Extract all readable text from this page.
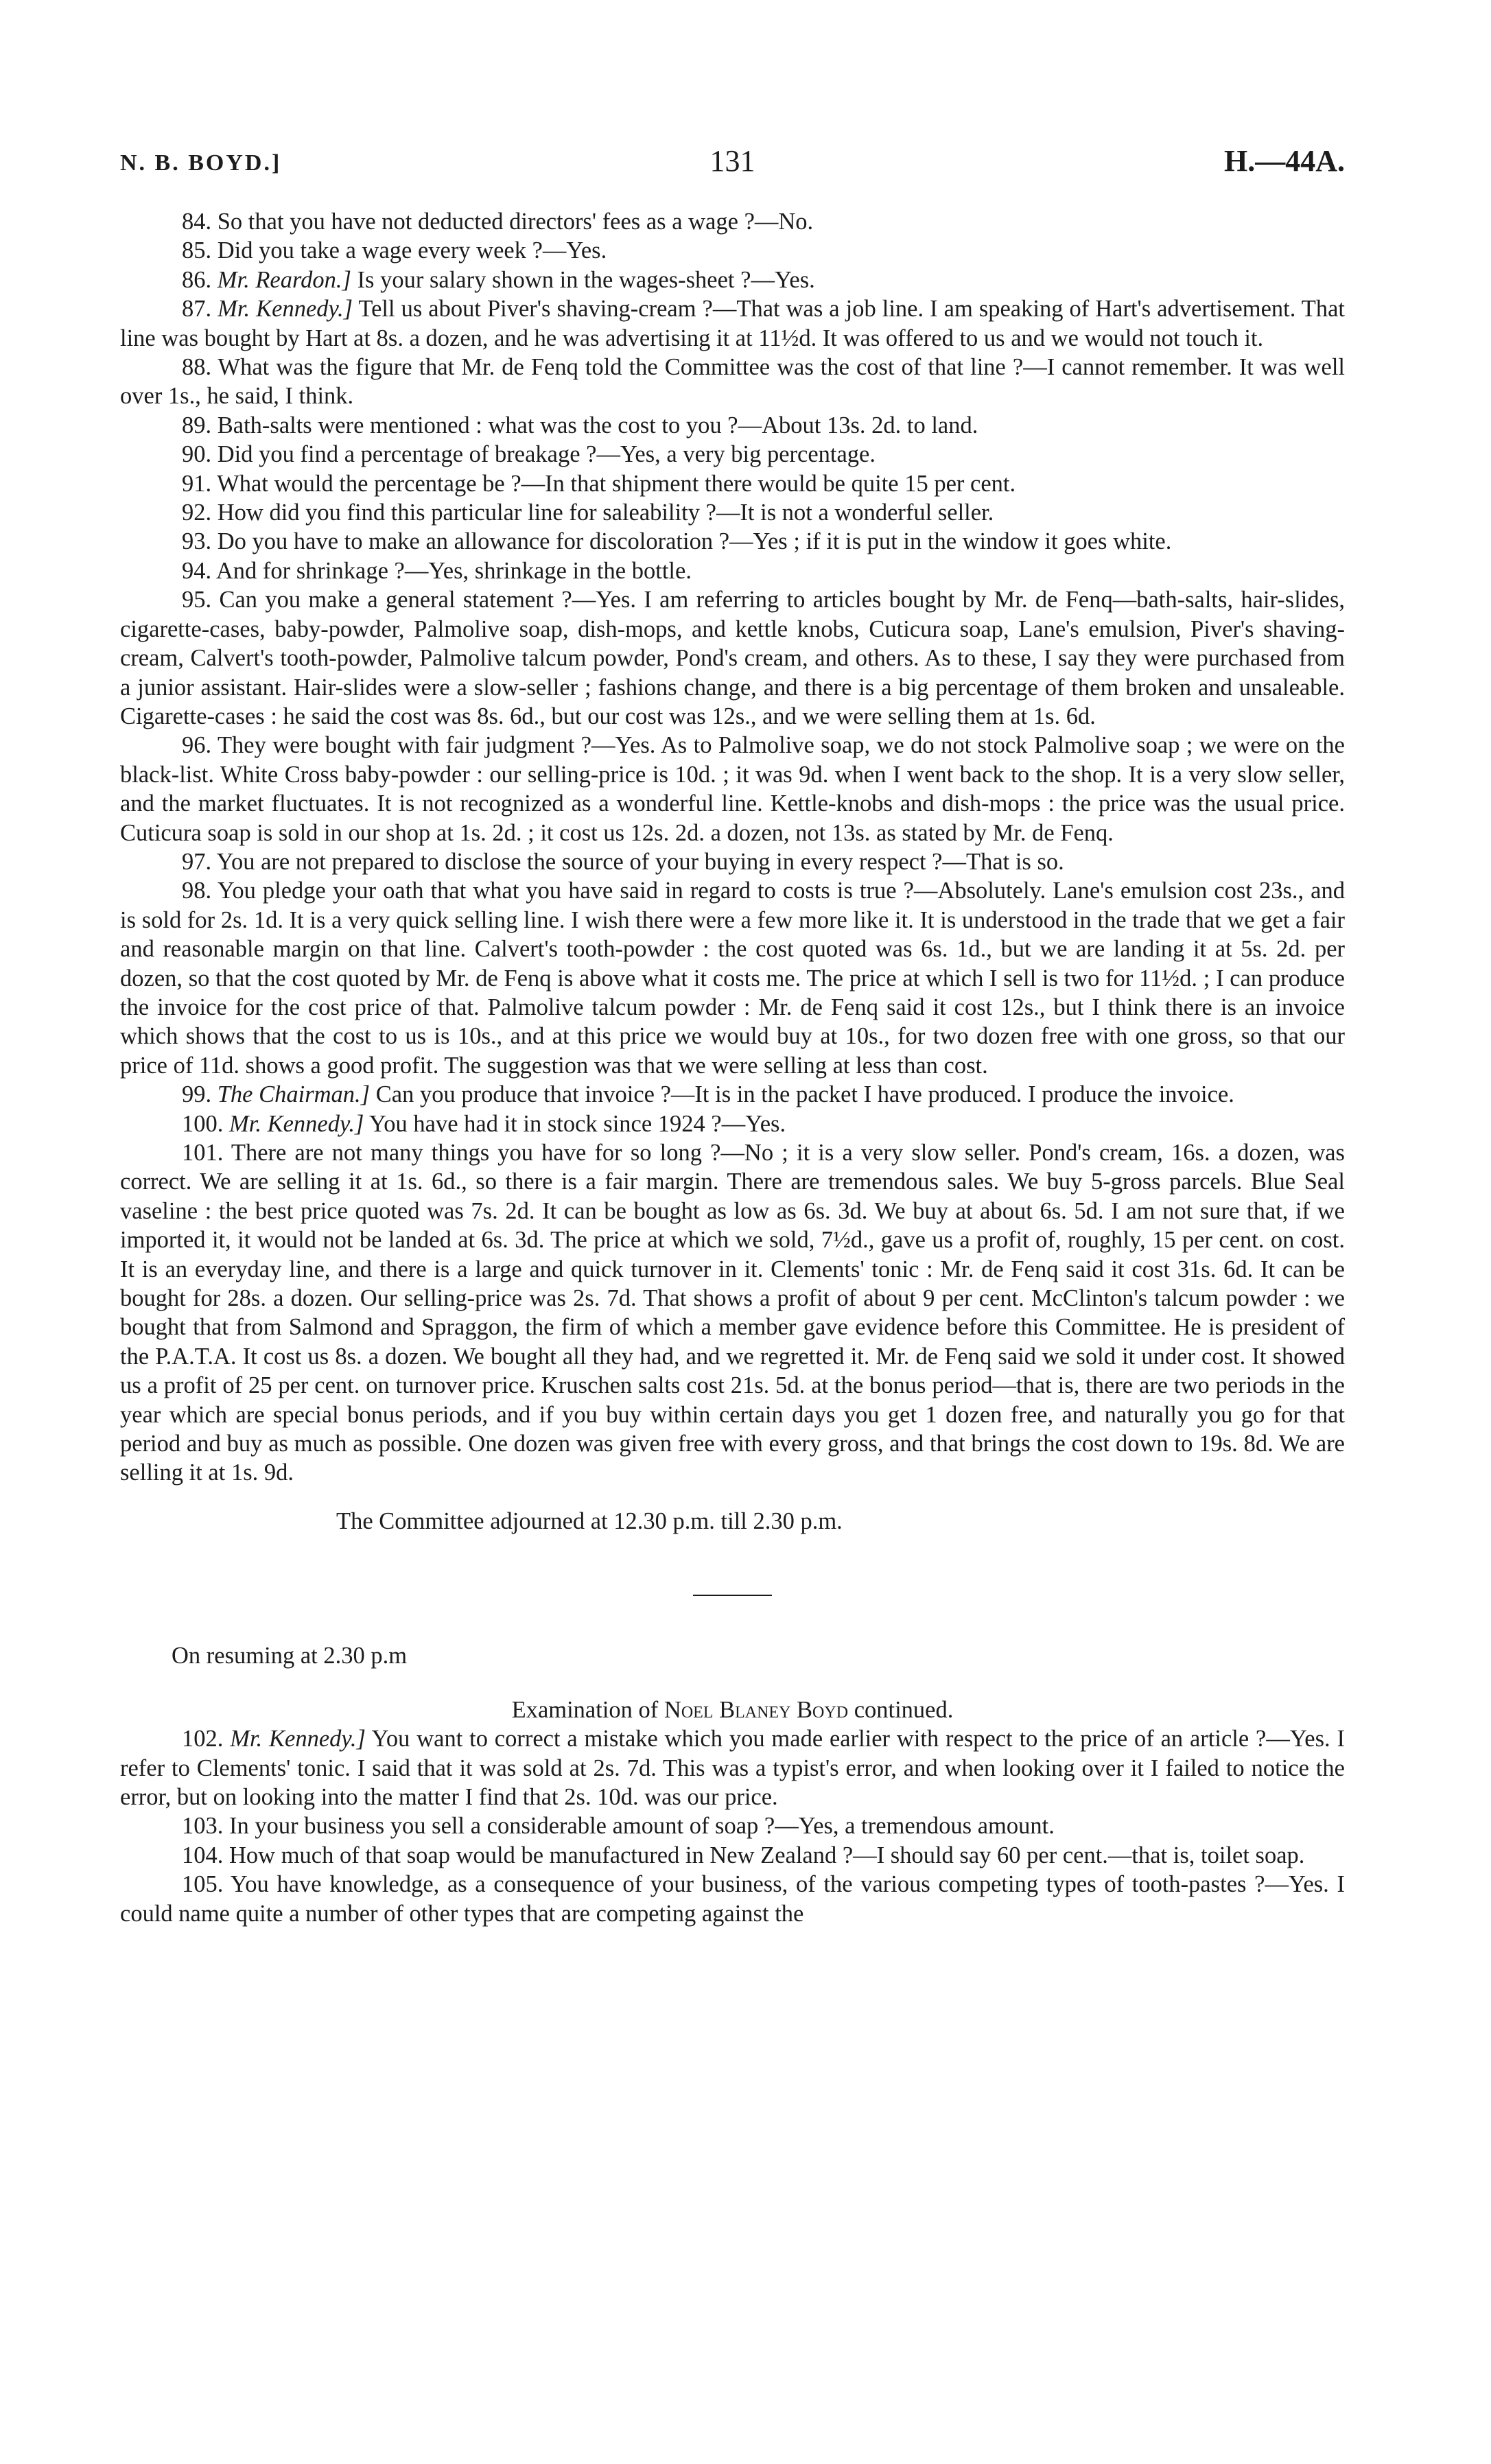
N. B. BOYD.]	131	H.—44A.

84. So that you have not deducted directors' fees as a wage ?—No.

85. Did you take a wage every week ?—Yes.

86. Mr. Reardon.] Is your salary shown in the wages-sheet ?—Yes.

87. Mr. Kennedy.] Tell us about Piver's shaving-cream ?—That was a job line. I am speaking of Hart's advertisement. That line was bought by Hart at 8s. a dozen, and he was advertising it at 11½d. It was offered to us and we would not touch it.

88. What was the figure that Mr. de Fenq told the Committee was the cost of that line ?—I cannot remember. It was well over 1s., he said, I think.

89. Bath-salts were mentioned : what was the cost to you ?—About 13s. 2d. to land.

90. Did you find a percentage of breakage ?—Yes, a very big percentage.

91. What would the percentage be ?—In that shipment there would be quite 15 per cent.

92. How did you find this particular line for saleability ?—It is not a wonderful seller.

93. Do you have to make an allowance for discoloration ?—Yes ; if it is put in the window it goes white.

94. And for shrinkage ?—Yes, shrinkage in the bottle.

95. Can you make a general statement ?—Yes. I am referring to articles bought by Mr. de Fenq—bath-salts, hair-slides, cigarette-cases, baby-powder, Palmolive soap, dish-mops, and kettle knobs, Cuticura soap, Lane's emulsion, Piver's shaving-cream, Calvert's tooth-powder, Palmolive talcum powder, Pond's cream, and others. As to these, I say they were purchased from a junior assistant. Hair-slides were a slow-seller ; fashions change, and there is a big percentage of them broken and unsaleable. Cigarette-cases : he said the cost was 8s. 6d., but our cost was 12s., and we were selling them at 1s. 6d.

96. They were bought with fair judgment ?—Yes. As to Palmolive soap, we do not stock Palmolive soap ; we were on the black-list. White Cross baby-powder : our selling-price is 10d. ; it was 9d. when I went back to the shop. It is a very slow seller, and the market fluctuates. It is not recognized as a wonderful line. Kettle-knobs and dish-mops : the price was the usual price. Cuticura soap is sold in our shop at 1s. 2d. ; it cost us 12s. 2d. a dozen, not 13s. as stated by Mr. de Fenq.

97. You are not prepared to disclose the source of your buying in every respect ?—That is so.

98. You pledge your oath that what you have said in regard to costs is true ?—Absolutely. Lane's emulsion cost 23s., and is sold for 2s. 1d. It is a very quick selling line. I wish there were a few more like it. It is understood in the trade that we get a fair and reasonable margin on that line. Calvert's tooth-powder : the cost quoted was 6s. 1d., but we are landing it at 5s. 2d. per dozen, so that the cost quoted by Mr. de Fenq is above what it costs me. The price at which I sell is two for 11½d. ; I can produce the invoice for the cost price of that. Palmolive talcum powder : Mr. de Fenq said it cost 12s., but I think there is an invoice which shows that the cost to us is 10s., and at this price we would buy at 10s., for two dozen free with one gross, so that our price of 11d. shows a good profit. The suggestion was that we were selling at less than cost.

99. The Chairman.] Can you produce that invoice ?—It is in the packet I have produced. I produce the invoice.

100. Mr. Kennedy.] You have had it in stock since 1924 ?—Yes.

101. There are not many things you have for so long ?—No ; it is a very slow seller. Pond's cream, 16s. a dozen, was correct. We are selling it at 1s. 6d., so there is a fair margin. There are tremendous sales. We buy 5-gross parcels. Blue Seal vaseline : the best price quoted was 7s. 2d. It can be bought as low as 6s. 3d. We buy at about 6s. 5d. I am not sure that, if we imported it, it would not be landed at 6s. 3d. The price at which we sold, 7½d., gave us a profit of, roughly, 15 per cent. on cost. It is an everyday line, and there is a large and quick turnover in it. Clements' tonic : Mr. de Fenq said it cost 31s. 6d. It can be bought for 28s. a dozen. Our selling-price was 2s. 7d. That shows a profit of about 9 per cent. McClinton's talcum powder : we bought that from Salmond and Spraggon, the firm of which a member gave evidence before this Committee. He is president of the P.A.T.A. It cost us 8s. a dozen. We bought all they had, and we regretted it. Mr. de Fenq said we sold it under cost. It showed us a profit of 25 per cent. on turnover price. Kruschen salts cost 21s. 5d. at the bonus period—that is, there are two periods in the year which are special bonus periods, and if you buy within certain days you get 1 dozen free, and naturally you go for that period and buy as much as possible. One dozen was given free with every gross, and that brings the cost down to 19s. 8d. We are selling it at 1s. 9d.

The Committee adjourned at 12.30 p.m. till 2.30 p.m.

On resuming at 2.30 p.m

Examination of Noel Blaney Boyd continued.

102. Mr. Kennedy.] You want to correct a mistake which you made earlier with respect to the price of an article ?—Yes. I refer to Clements' tonic. I said that it was sold at 2s. 7d. This was a typist's error, and when looking over it I failed to notice the error, but on looking into the matter I find that 2s. 10d. was our price.

103. In your business you sell a considerable amount of soap ?—Yes, a tremendous amount.

104. How much of that soap would be manufactured in New Zealand ?—I should say 60 per cent.—that is, toilet soap.

105. You have knowledge, as a consequence of your business, of the various competing types of tooth-pastes ?—Yes. I could name quite a number of other types that are competing against the
